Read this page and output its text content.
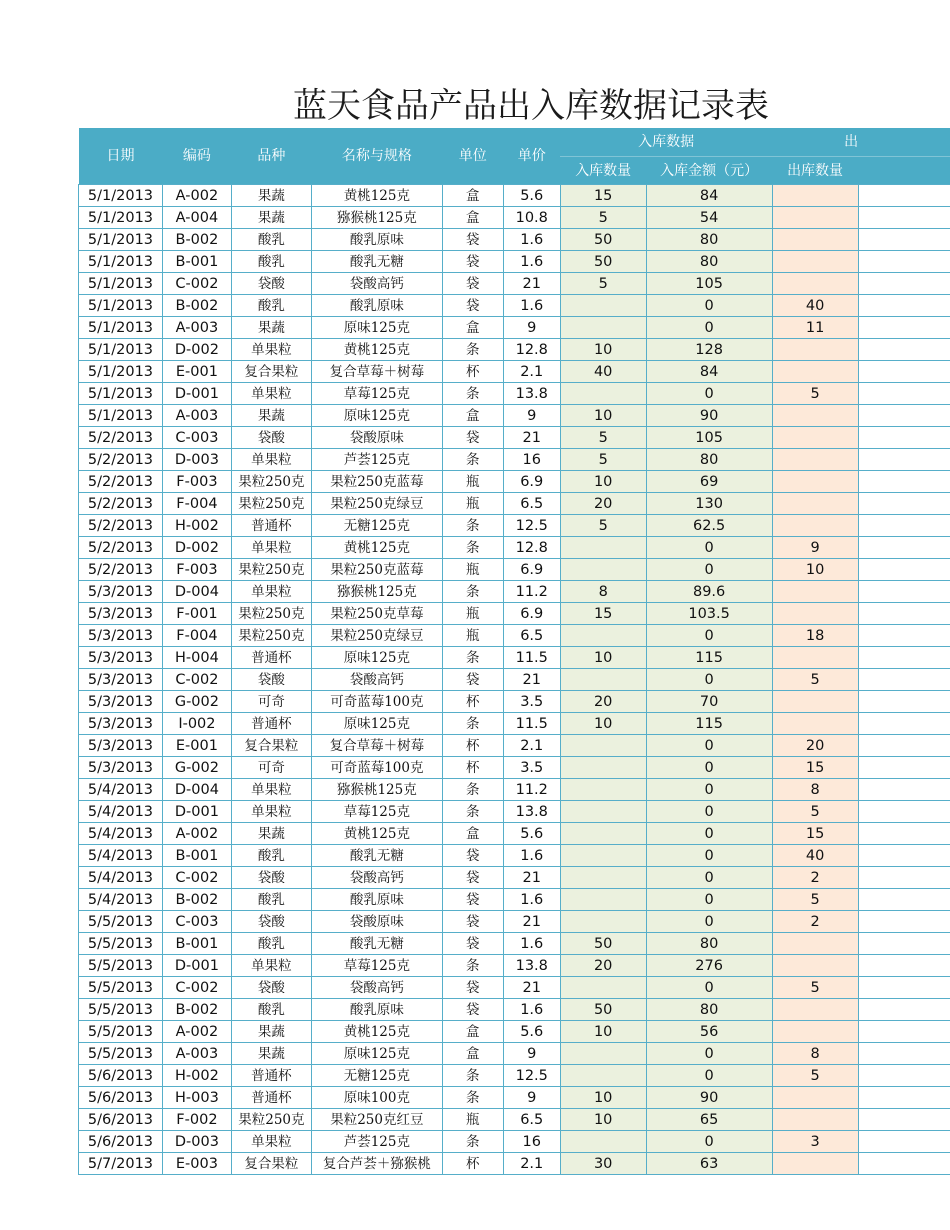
蓝天食品产品出入库数据记录表
日期	编码	品种	名称与规格	单位	单价	入库数据		出	
						入库数量	入库金额（元）	出库数量	
5/1/2013	A-002	果蔬	黄桃125克	盒	5.6	15	84		
5/1/2013	A-004	果蔬	猕猴桃125克	盒	10.8	5	54		
5/1/2013	B-002	酸乳	酸乳原味	袋	1.6	50	80		
5/1/2013	B-001	酸乳	酸乳无糖	袋	1.6	50	80		
5/1/2013	C-002	袋酸	袋酸高钙	袋	21	5	105		
5/1/2013	B-002	酸乳	酸乳原味	袋	1.6		0	40	
5/1/2013	A-003	果蔬	原味125克	盒	9		0	11	
5/1/2013	D-002	单果粒	黄桃125克	条	12.8	10	128		
5/1/2013	E-001	复合果粒	复合草莓＋树莓	杯	2.1	40	84		
5/1/2013	D-001	单果粒	草莓125克	条	13.8		0	5	
5/1/2013	A-003	果蔬	原味125克	盒	9	10	90		
5/2/2013	C-003	袋酸	袋酸原味	袋	21	5	105		
5/2/2013	D-003	单果粒	芦荟125克	条	16	5	80		
5/2/2013	F-003	果粒250克	果粒250克蓝莓	瓶	6.9	10	69		
5/2/2013	F-004	果粒250克	果粒250克绿豆	瓶	6.5	20	130		
5/2/2013	H-002	普通杯	无糖125克	条	12.5	5	62.5		
5/2/2013	D-002	单果粒	黄桃125克	条	12.8		0	9	
5/2/2013	F-003	果粒250克	果粒250克蓝莓	瓶	6.9		0	10	
5/3/2013	D-004	单果粒	猕猴桃125克	条	11.2	8	89.6		
5/3/2013	F-001	果粒250克	果粒250克草莓	瓶	6.9	15	103.5		
5/3/2013	F-004	果粒250克	果粒250克绿豆	瓶	6.5		0	18	
5/3/2013	H-004	普通杯	原味125克	条	11.5	10	115		
5/3/2013	C-002	袋酸	袋酸高钙	袋	21		0	5	
5/3/2013	G-002	可奇	可奇蓝莓100克	杯	3.5	20	70		
5/3/2013	I-002	普通杯	原味125克	条	11.5	10	115		
5/3/2013	E-001	复合果粒	复合草莓＋树莓	杯	2.1		0	20	
5/3/2013	G-002	可奇	可奇蓝莓100克	杯	3.5		0	15	
5/4/2013	D-004	单果粒	猕猴桃125克	条	11.2		0	8	
5/4/2013	D-001	单果粒	草莓125克	条	13.8		0	5	
5/4/2013	A-002	果蔬	黄桃125克	盒	5.6		0	15	
5/4/2013	B-001	酸乳	酸乳无糖	袋	1.6		0	40	
5/4/2013	C-002	袋酸	袋酸高钙	袋	21		0	2	
5/4/2013	B-002	酸乳	酸乳原味	袋	1.6		0	5	
5/5/2013	C-003	袋酸	袋酸原味	袋	21		0	2	
5/5/2013	B-001	酸乳	酸乳无糖	袋	1.6	50	80		
5/5/2013	D-001	单果粒	草莓125克	条	13.8	20	276		
5/5/2013	C-002	袋酸	袋酸高钙	袋	21		0	5	
5/5/2013	B-002	酸乳	酸乳原味	袋	1.6	50	80		
5/5/2013	A-002	果蔬	黄桃125克	盒	5.6	10	56		
5/5/2013	A-003	果蔬	原味125克	盒	9		0	8	
5/6/2013	H-002	普通杯	无糖125克	条	12.5		0	5	
5/6/2013	H-003	普通杯	原味100克	条	9	10	90		
5/6/2013	F-002	果粒250克	果粒250克红豆	瓶	6.5	10	65		
5/6/2013	D-003	单果粒	芦荟125克	条	16		0	3	
5/7/2013	E-003	复合果粒	复合芦荟＋猕猴桃	杯	2.1	30	63		
